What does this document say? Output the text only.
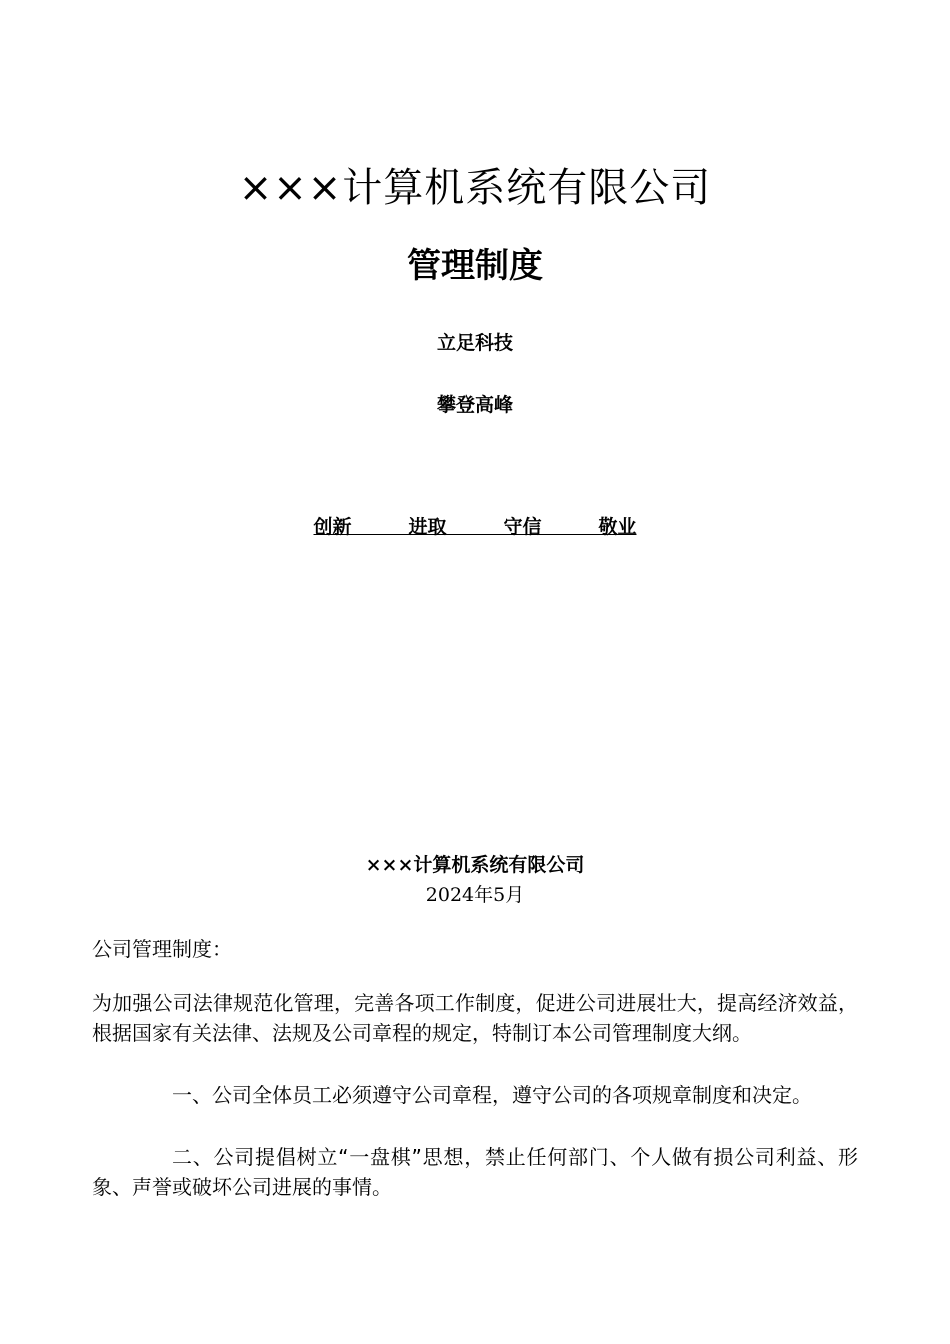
×××计算机系统有限公司
管理制度
立足科技
攀登高峰
创新　　　进取　　　守信　　　敬业
×××计算机系统有限公司
2024年5月
公司管理制度：
为加强公司法律规范化管理，完善各项工作制度，促进公司进展壮大，提高经济效益，根据国家有关法律、法规及公司章程的规定，特制订本公司管理制度大纲。
一、公司全体员工必须遵守公司章程，遵守公司的各项规章制度和决定。
二、公司提倡树立“一盘棋”思想，禁止任何部门、个人做有损公司利益、形象、声誉或破坏公司进展的事情。
